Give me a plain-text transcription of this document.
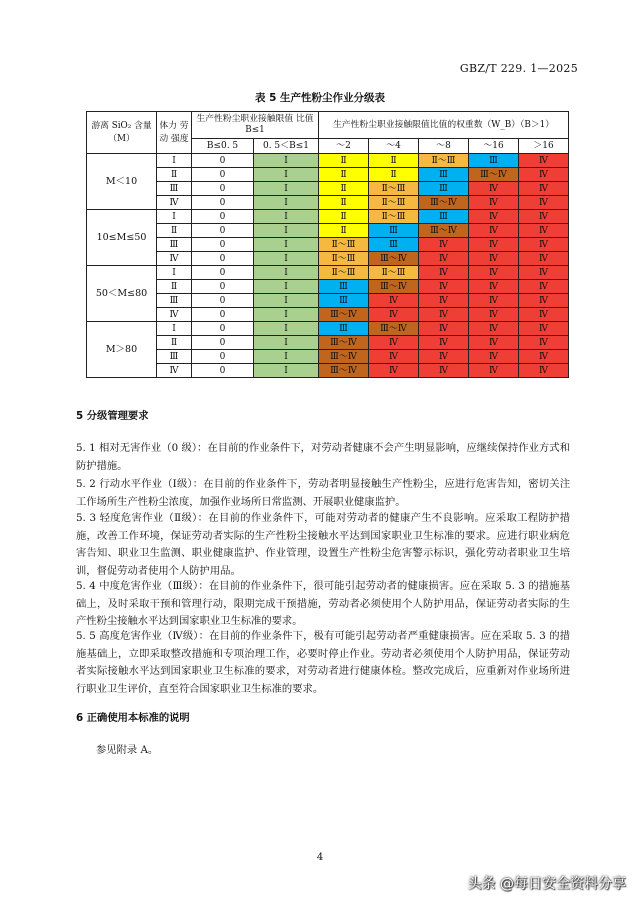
GBZ/T 229. 1—2025
表 5 生产性粉尘作业分级表
游离 SiO₂ 含量（M）	体力 劳动 强度	生产性粉尘职业接触限值 比值 B≤1		生产性粉尘职业接触限值比值的权重数（W_B）（B＞1）				
		B≤0. 5	0. 5＜B≤1	～2	～4	～8	～16	＞16
M＜10	Ⅰ	0	Ⅰ	Ⅱ	Ⅱ	Ⅱ～Ⅲ	Ⅲ	Ⅳ
	Ⅱ	0	Ⅰ	Ⅱ	Ⅱ	Ⅲ	Ⅲ～Ⅳ	Ⅳ
	Ⅲ	0	Ⅰ	Ⅱ	Ⅱ～Ⅲ	Ⅲ	Ⅳ	Ⅳ
	Ⅳ	0	Ⅰ	Ⅱ	Ⅱ～Ⅲ	Ⅲ～Ⅳ	Ⅳ	Ⅳ
10≤M≤50	Ⅰ	0	Ⅰ	Ⅱ	Ⅱ～Ⅲ	Ⅲ	Ⅳ	Ⅳ
	Ⅱ	0	Ⅰ	Ⅱ	Ⅲ	Ⅲ～Ⅳ	Ⅳ	Ⅳ
	Ⅲ	0	Ⅰ	Ⅱ～Ⅲ	Ⅲ	Ⅳ	Ⅳ	Ⅳ
	Ⅳ	0	Ⅰ	Ⅱ～Ⅲ	Ⅲ～Ⅳ	Ⅳ	Ⅳ	Ⅳ
50＜M≤80	Ⅰ	0	Ⅰ	Ⅱ～Ⅲ	Ⅱ～Ⅲ	Ⅳ	Ⅳ	Ⅳ
	Ⅱ	0	Ⅰ	Ⅲ	Ⅲ～Ⅳ	Ⅳ	Ⅳ	Ⅳ
	Ⅲ	0	Ⅰ	Ⅲ	Ⅳ	Ⅳ	Ⅳ	Ⅳ
	Ⅳ	0	Ⅰ	Ⅲ～Ⅳ	Ⅳ	Ⅳ	Ⅳ	Ⅳ
M＞80	Ⅰ	0	Ⅰ	Ⅲ	Ⅲ～Ⅳ	Ⅳ	Ⅳ	Ⅳ
	Ⅱ	0	Ⅰ	Ⅲ～Ⅳ	Ⅳ	Ⅳ	Ⅳ	Ⅳ
	Ⅲ	0	Ⅰ	Ⅲ～Ⅳ	Ⅳ	Ⅳ	Ⅳ	Ⅳ
	Ⅳ	0	Ⅰ	Ⅲ～Ⅳ	Ⅳ	Ⅳ	Ⅳ	Ⅳ
5 分级管理要求
5. 1 相对无害作业（0 级）：在目前的作业条件下，对劳动者健康不会产生明显影响，应继续保持作业方式和防护措施。
5. 2 行动水平作业（Ⅰ级）：在目前的作业条件下，劳动者明显接触生产性粉尘，应进行危害告知，密切关注工作场所生产性粉尘浓度，加强作业场所日常监测、开展职业健康监护。
5. 3 轻度危害作业（Ⅱ级）：在目前的作业条件下，可能对劳动者的健康产生不良影响。应采取工程防护措施，改善工作环境，保证劳动者实际的生产性粉尘接触水平达到国家职业卫生标准的要求。应进行职业病危害告知、职业卫生监测、职业健康监护、作业管理，设置生产性粉尘危害警示标识，强化劳动者职业卫生培训，督促劳动者使用个人防护用品。
5. 4 中度危害作业（Ⅲ级）：在目前的作业条件下，很可能引起劳动者的健康损害。应在采取 5. 3 的措施基础上，及时采取干预和管理行动，限期完成干预措施，劳动者必须使用个人防护用品，保证劳动者实际的生产性粉尘接触水平达到国家职业卫生标准的要求。
5. 5 高度危害作业（Ⅳ级）：在目前的作业条件下，极有可能引起劳动者严重健康损害。应在采取 5. 3 的措施基础上，立即采取整改措施和专项治理工作，必要时停止作业。劳动者必须使用个人防护用品，保证劳动者实际接触水平达到国家职业卫生标准的要求，对劳动者进行健康体检。整改完成后，应重新对作业场所进行职业卫生评价，直至符合国家职业卫生标准的要求。
6 正确使用本标准的说明
参见附录 A。
4
头条 @每日安全资料分享
